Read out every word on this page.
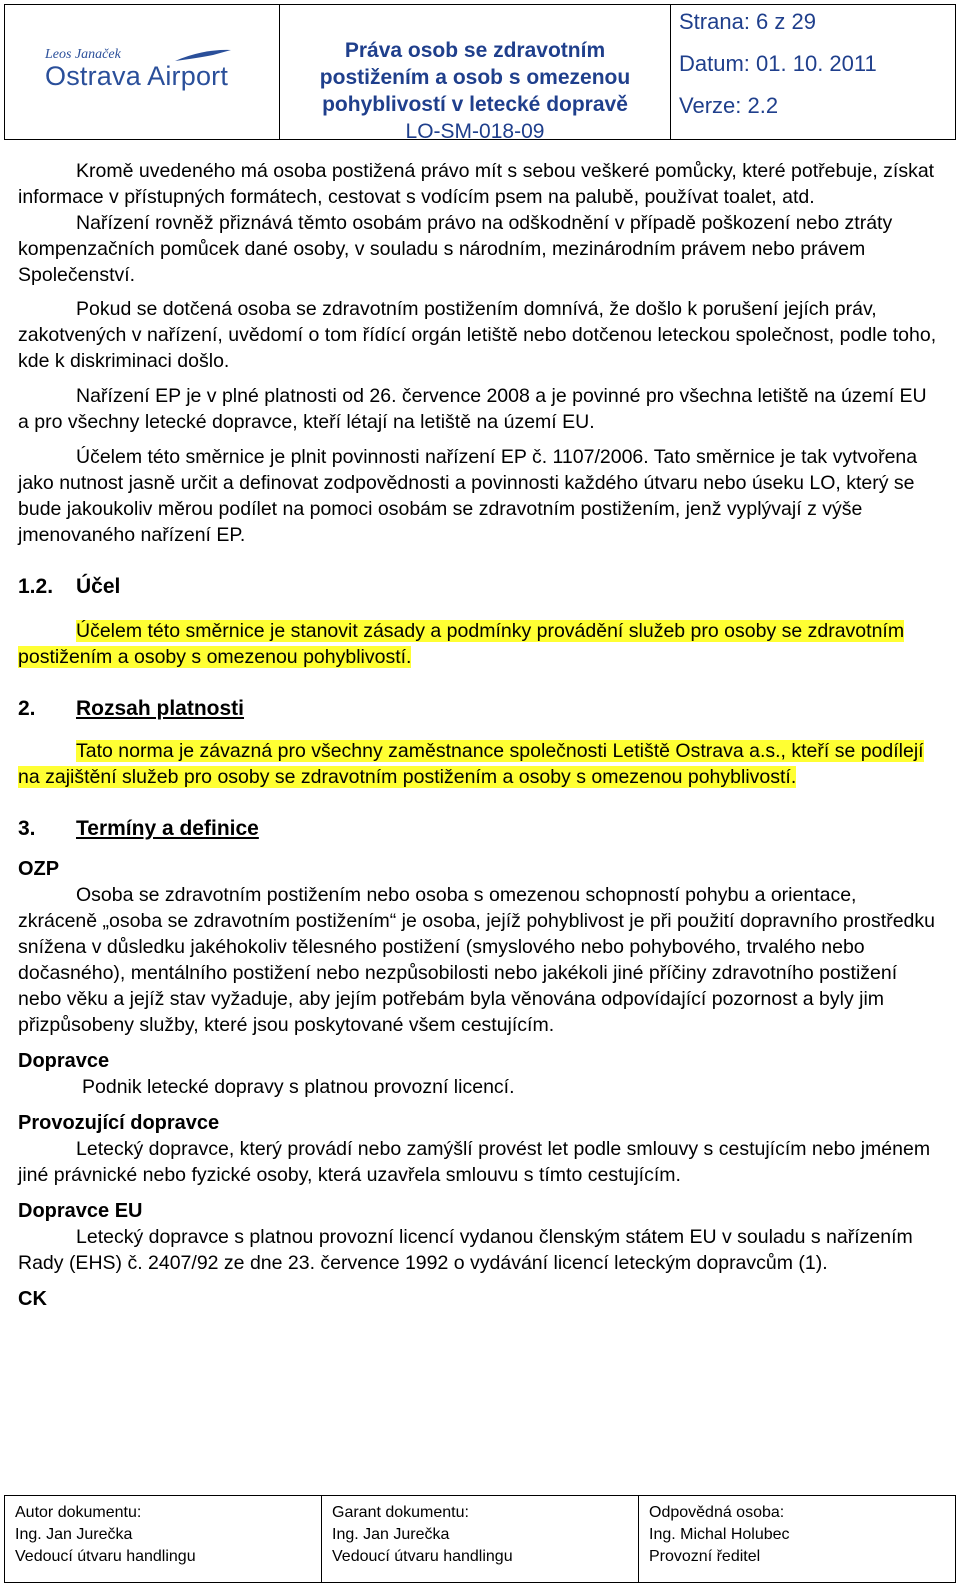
Leos Janaček
Ostrava Airport

Práva osob se zdravotním

postižením a osob s omezenou

pohyblivostí v letecké dopravě

LO-SM-018-09

Strana: 6 z 29
Datum: 01. 10. 2011
Verze: 2.2

Kromě uvedeného má osoba postižená právo mít s sebou veškeré pomůcky, které potřebuje, získat informace v přístupných formátech, cestovat s vodícím psem na palubě, používat toalet, atd.

Nařízení rovněž přiznává těmto osobám právo na odškodnění v případě poškození nebo ztráty kompenzačních pomůcek dané osoby, v souladu s národním, mezinárodním právem nebo právem Společenství.

Pokud se dotčená osoba se zdravotním postižením domnívá, že došlo k porušení jejích práv, zakotvených v nařízení, uvědomí o tom řídící orgán letiště nebo dotčenou leteckou společnost, podle toho, kde k diskriminaci došlo.

Nařízení EP je v plné platnosti od 26. července 2008 a je povinné pro všechna letiště na území EU a pro všechny letecké dopravce, kteří létají na letiště na území EU.

Účelem této směrnice je plnit povinnosti nařízení EP č. 1107/2006. Tato směrnice je tak vytvořena jako nutnost jasně určit a definovat zodpovědnosti a povinnosti každého útvaru nebo úseku LO, který se bude jakoukoliv měrou podílet na pomoci osobám se zdravotním postižením, jenž vyplývají z výše jmenovaného nařízení EP.

1.2.	Účel

Účelem této směrnice je stanovit zásady a podmínky provádění služeb pro osoby se zdravotním postižením a osoby s omezenou pohyblivostí.

2.	Rozsah platnosti

Tato norma je závazná pro všechny zaměstnance společnosti Letiště Ostrava a.s., kteří se podílejí na zajištění služeb pro osoby se zdravotním postižením a osoby s omezenou pohyblivostí.

3.	Termíny a definice
OZP

Osoba se zdravotním postižením nebo osoba s omezenou schopností pohybu a orientace, zkráceně „osoba se zdravotním postižením“ je osoba, jejíž pohyblivost je při použití dopravního prostředku snížena v důsledku jakéhokoliv tělesného postižení (smyslového nebo pohybového, trvalého nebo dočasného), mentálního postižení nebo nezpůsobilosti nebo jakékoli jiné příčiny zdravotního postižení nebo věku a jejíž stav vyžaduje, aby jejím potřebám byla věnována odpovídající pozornost a byly jim přizpůsobeny služby, které jsou poskytované všem cestujícím.

Dopravce

Podnik letecké dopravy s platnou provozní licencí.

Provozující dopravce

Letecký dopravce, který provádí nebo zamýšlí provést let podle smlouvy s cestujícím nebo jménem jiné právnické nebo fyzické osoby, která uzavřela smlouvu s tímto cestujícím.

Dopravce EU

Letecký dopravce s platnou provozní licencí vydanou členským státem EU v souladu s nařízením Rady (EHS) č. 2407/92 ze dne 23. července 1992 o vydávání licencí leteckým dopravcům (1).

CK
Autor dokumentu:
Ing. Jan Jurečka
Vedoucí útvaru handlingu
Garant dokumentu:
Ing. Jan Jurečka
Vedoucí útvaru handlingu
Odpovědná osoba:
Ing. Michal Holubec
Provozní ředitel
